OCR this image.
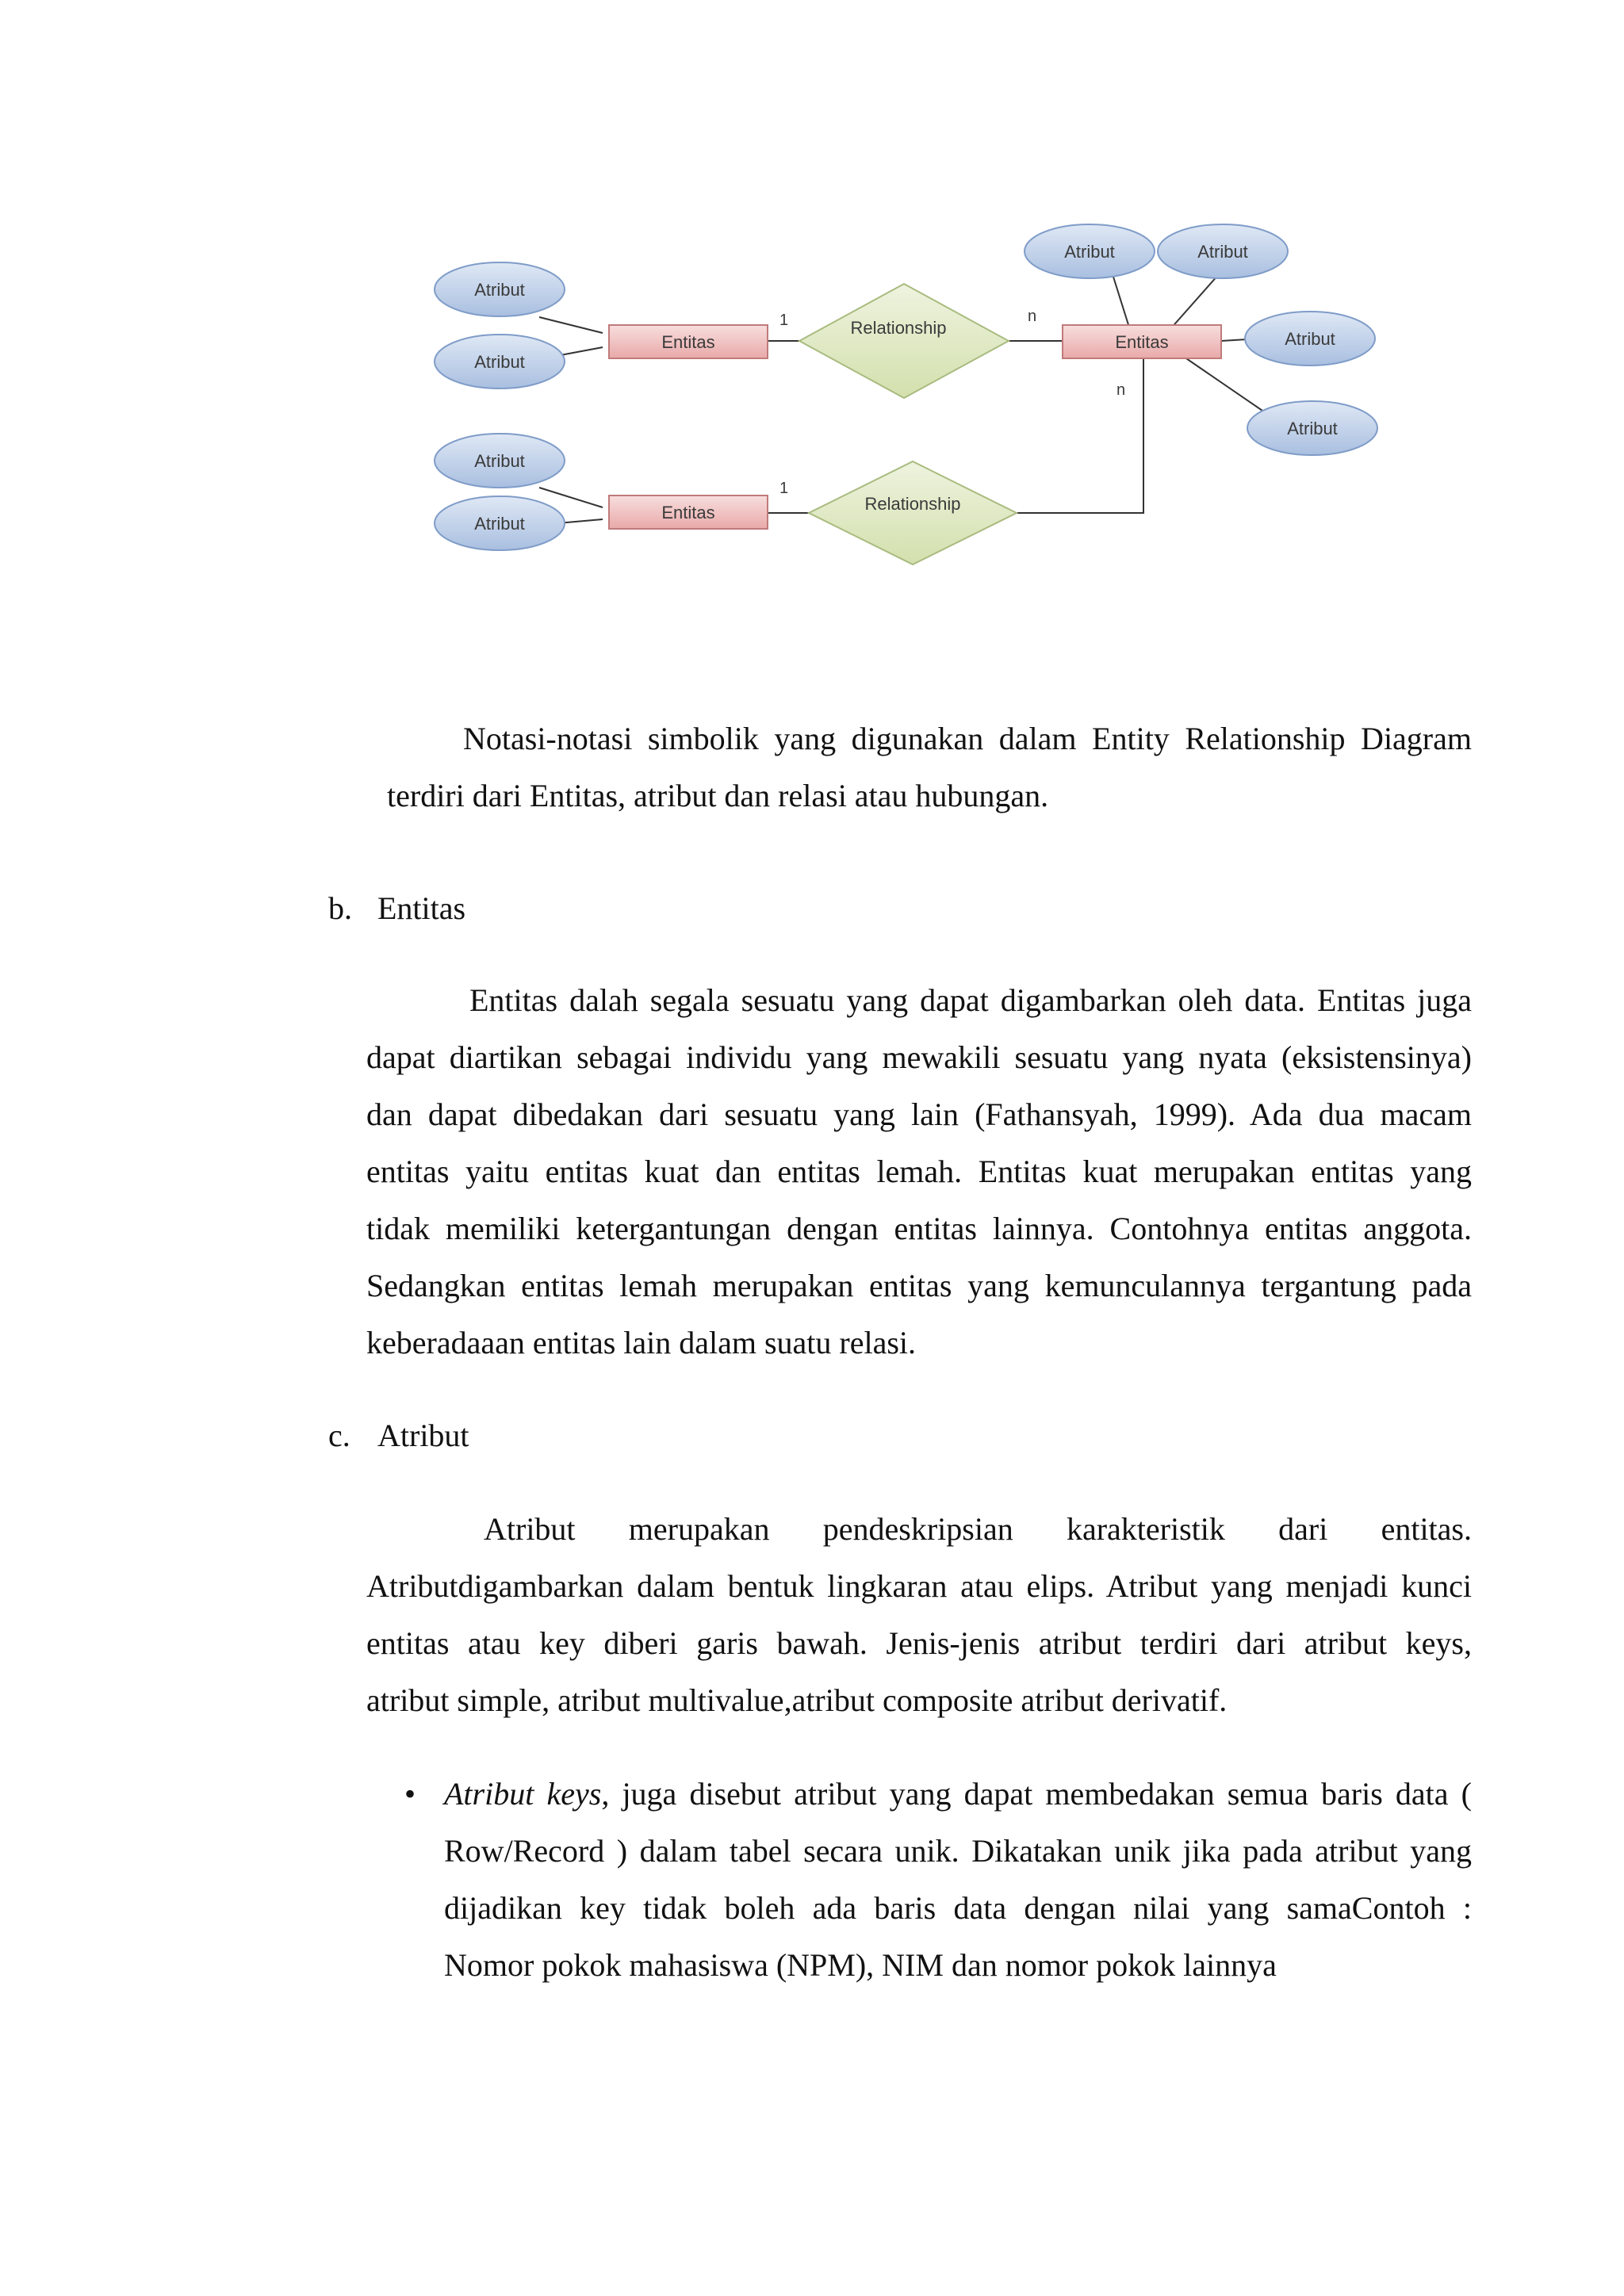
Atribut
Atribut
Atribut	Atribut
Atribut
Atribut
Atribut
Atribut
Entitas	Entitas
Entitas
Relationship
Relationship
1	n
n
1
Notasi-notasi simbolik yang digunakan dalam Entity Relationship Diagram
terdiri dari Entitas, atribut dan relasi atau hubungan.
b. Entitas
Entitas dalah segala sesuatu yang dapat digambarkan oleh data. Entitas juga
dapat diartikan sebagai individu yang mewakili sesuatu yang nyata (eksistensinya)
dan dapat dibedakan dari sesuatu yang lain (Fathansyah, 1999). Ada dua macam
entitas yaitu entitas kuat dan entitas lemah. Entitas kuat merupakan entitas yang
tidak memiliki ketergantungan dengan entitas lainnya. Contohnya entitas anggota.
Sedangkan entitas lemah merupakan entitas yang kemunculannya tergantung pada
keberadaaan entitas lain dalam suatu relasi.
c. Atribut
Atribut merupakan pendeskripsian karakteristik dari entitas.
Atributdigambarkan dalam bentuk lingkaran atau elips. Atribut yang menjadi kunci
entitas atau key diberi garis bawah. Jenis-jenis atribut terdiri dari atribut keys,
atribut simple, atribut multivalue,atribut composite atribut derivatif.
• Atribut keys, juga disebut atribut yang dapat membedakan semua baris data (
Row/Record ) dalam tabel secara unik. Dikatakan unik jika pada atribut yang
dijadikan key tidak boleh ada baris data dengan nilai yang samaContoh :
Nomor pokok mahasiswa (NPM), NIM dan nomor pokok lainnya
